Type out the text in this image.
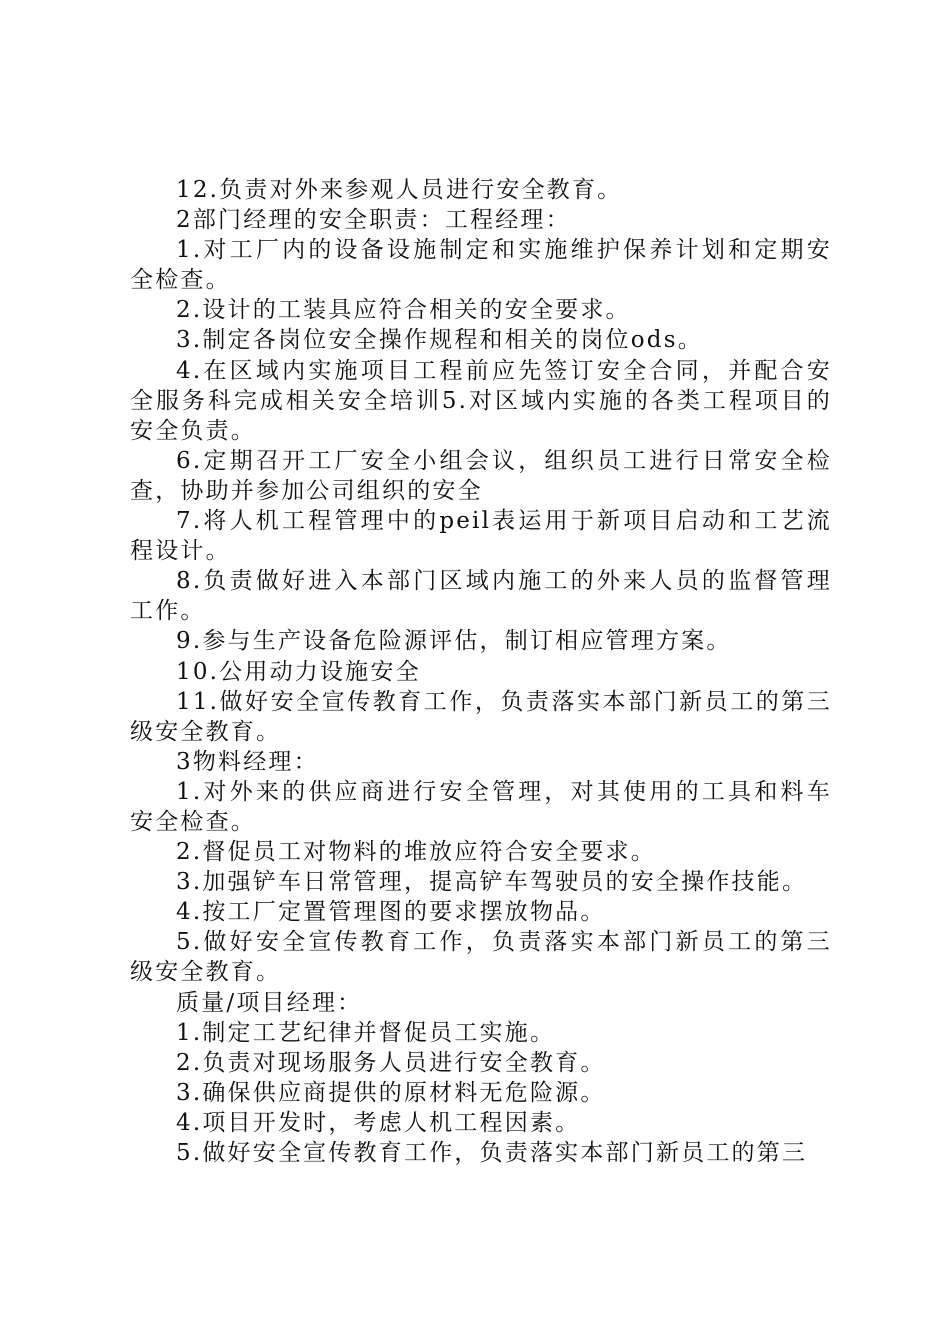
12.负责对外来参观人员进行安全教育。

2部门经理的安全职责：工程经理：

1.对工厂内的设备设施制定和实施维护保养计划和定期安全检查。

2.设计的工装具应符合相关的安全要求。

3.制定各岗位安全操作规程和相关的岗位ods。

4.在区域内实施项目工程前应先签订安全合同，并配合安全服务科完成相关安全培训5.对区域内实施的各类工程项目的安全负责。

6.定期召开工厂安全小组会议，组织员工进行日常安全检查，协助并参加公司组织的安全

7.将人机工程管理中的peil表运用于新项目启动和工艺流程设计。

8.负责做好进入本部门区域内施工的外来人员的监督管理工作。

9.参与生产设备危险源评估，制订相应管理方案。

10.公用动力设施安全

11.做好安全宣传教育工作，负责落实本部门新员工的第三级安全教育。

3物料经理：

1.对外来的供应商进行安全管理，对其使用的工具和料车安全检查。

2.督促员工对物料的堆放应符合安全要求。

3.加强铲车日常管理，提高铲车驾驶员的安全操作技能。

4.按工厂定置管理图的要求摆放物品。

5.做好安全宣传教育工作，负责落实本部门新员工的第三级安全教育。

质量/项目经理：

1.制定工艺纪律并督促员工实施。

2.负责对现场服务人员进行安全教育。

3.确保供应商提供的原材料无危险源。

4.项目开发时，考虑人机工程因素。

5.做好安全宣传教育工作，负责落实本部门新员工的第三
